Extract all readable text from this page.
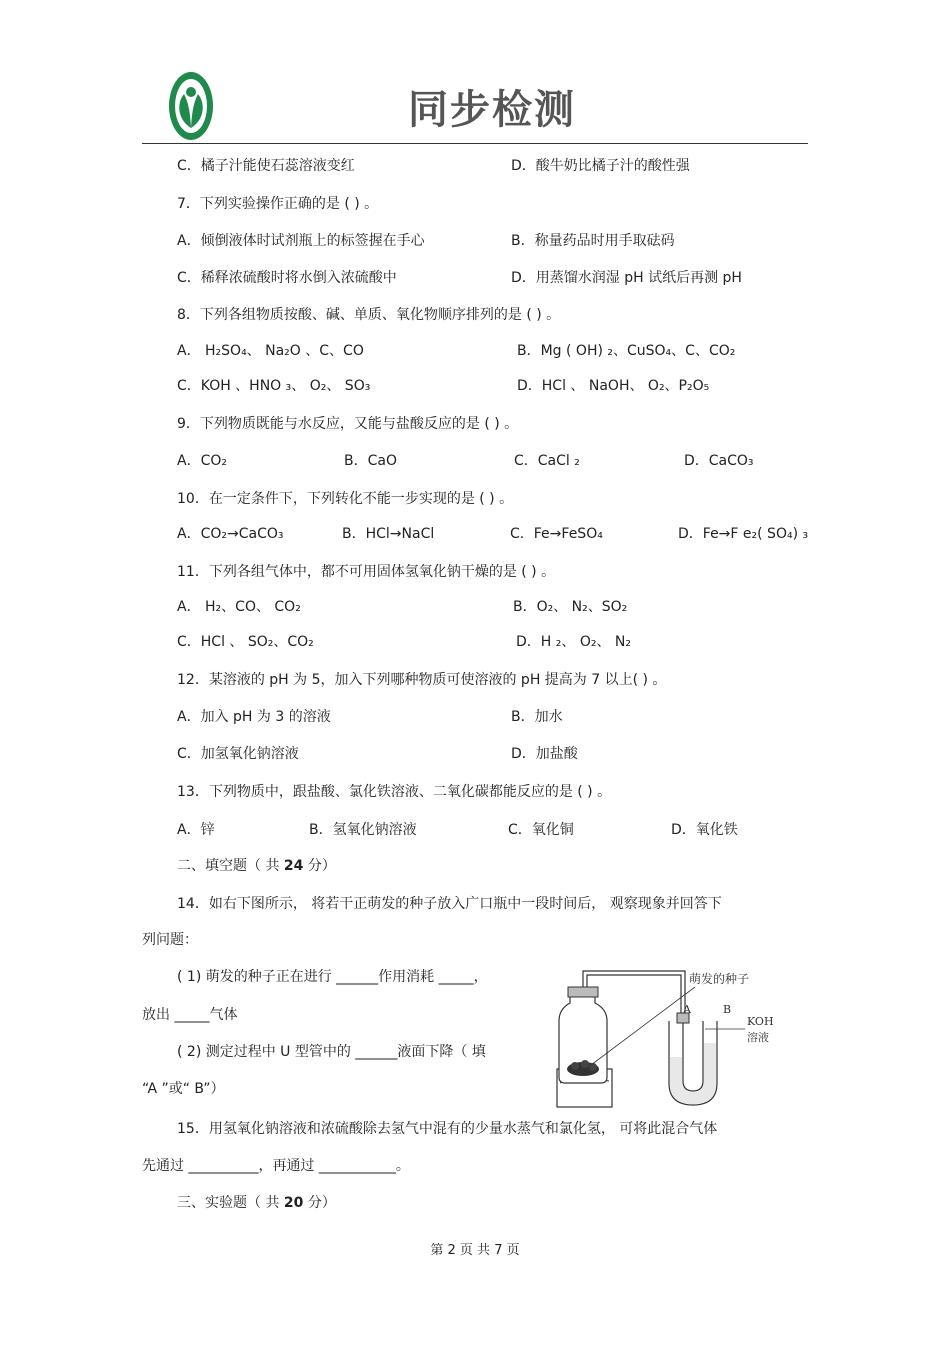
同步检测
C．橘子汁能使石蕊溶液变红	D．酸牛奶比橘子汁的酸性强
7．下列实验操作正确的是 ( ) 。
A．倾倒液体时试剂瓶上的标签握在手心	B．称量药品时用手取砝码
C．稀释浓硫酸时将水倒入浓硫酸中	D．用蒸馏水润湿 pH 试纸后再测 pH
8．下列各组物质按酸、碱、单质、氧化物顺序排列的是 ( ) 。
A． H₂SO₄、 Na₂O 、C、CO	B．Mg ( OH) ₂、CuSO₄、C、CO₂
C．KOH 、HNO ₃、 O₂、 SO₃	D．HCl 、 NaOH、 O₂、P₂O₅
9．下列物质既能与水反应，又能与盐酸反应的是 ( ) 。
A．CO₂	B．CaO	C．CaCl ₂	D．CaCO₃
10．在一定条件下，下列转化不能一步实现的是 ( ) 。
A．CO₂→CaCO₃	B．HCl→NaCl	C．Fe→FeSO₄	D．Fe→F e₂( SO₄) ₃
11．下列各组气体中，都不可用固体氢氧化钠干燥的是 ( ) 。
A． H₂、CO、 CO₂	B．O₂、 N₂、SO₂
C．HCl 、 SO₂、CO₂	D．H ₂、 O₂、 N₂
12．某溶液的 pH 为 5，加入下列哪种物质可使溶液的 pH 提高为 7 以上( ) 。
A．加入 pH 为 3 的溶液	B．加水
C．加氢氧化钠溶液	D．加盐酸
13．下列物质中，跟盐酸、氯化铁溶液、二氧化碳都能反应的是 ( ) 。
A．锌	B．氢氧化钠溶液	C．氧化铜	D．氧化铁
二、填空题（ 共 24 分）
14．如右下图所示， 将若干正萌发的种子放入广口瓶中一段时间后， 观察现象并回答下
列问题：
( 1) 萌发的种子正在进行 ______作用消耗 _____，
放出 _____气体
( 2) 测定过程中 U 型管中的 ______液面下降（ 填
“A ”或“ B”）
15．用氢氧化钠溶液和浓硫酸除去氢气中混有的少量水蒸气和氯化氢， 可将此混合气体
先通过 __________，再通过 ___________。
三、实验题（ 共 20 分）
萌发的种子
A	B
KOH
溶液
第 2 页 共 7 页
